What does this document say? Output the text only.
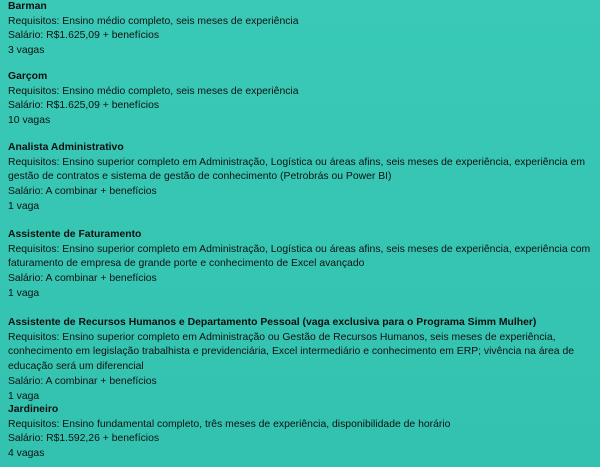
Barman
Requisitos: Ensino médio completo, seis meses de experiência
Salário: R$1.625,09 + benefícios
3 vagas
Garçom
Requisitos: Ensino médio completo, seis meses de experiência
Salário: R$1.625,09 + benefícios
10 vagas
Analista Administrativo
Requisitos: Ensino superior completo em Administração, Logística ou áreas afins, seis meses de experiência, experiência em gestão de contratos e sistema de gestão de conhecimento (Petrobrás ou Power BI)
Salário: A combinar + benefícios
1 vaga
Assistente de Faturamento
Requisitos: Ensino superior completo em Administração, Logística ou áreas afins, seis meses de experiência, experiência com faturamento de empresa de grande porte e conhecimento de Excel avançado
Salário: A combinar + benefícios
1 vaga
Assistente de Recursos Humanos e Departamento Pessoal (vaga exclusiva para o Programa Simm Mulher)
Requisitos: Ensino superior completo em Administração ou Gestão de Recursos Humanos, seis meses de experiência, conhecimento em legislação trabalhista e previdenciária, Excel intermediário e conhecimento em ERP; vivência na área de educação será um diferencial
Salário: A combinar + benefícios
1 vaga
Jardineiro
Requisitos: Ensino fundamental completo, três meses de experiência, disponibilidade de horário
Salário: R$1.592,26 + benefícios
4 vagas
